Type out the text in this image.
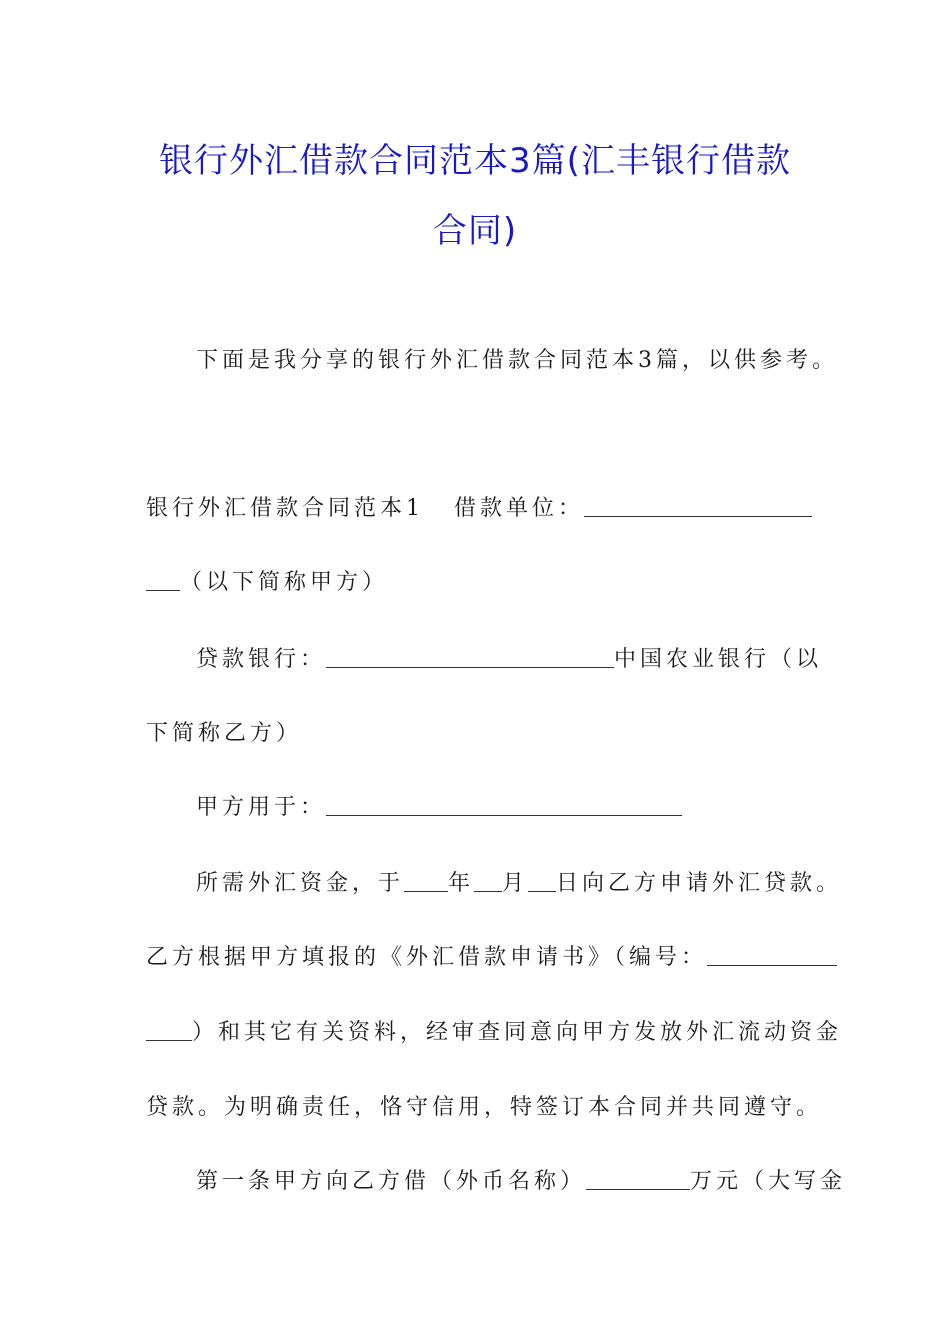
银行外汇借款合同范本3篇(汇丰银行借款
合同)
下面是我分享的银行外汇借款合同范本3篇，以供参考。
银行外汇借款合同范本1 借款单位：
（以下简称甲方）
贷款银行：	中国农业银行（以
下简称乙方）
甲方用于：
所需外汇资金，于 年 月 日向乙方申请外汇贷款。
乙方根据甲方填报的《外汇借款申请书》（编号：
）和其它有关资料，经审查同意向甲方发放外汇流动资金
贷款。为明确责任，恪守信用，特签订本合同并共同遵守。
第一条甲方向乙方借（外币名称）	万元（大写金
